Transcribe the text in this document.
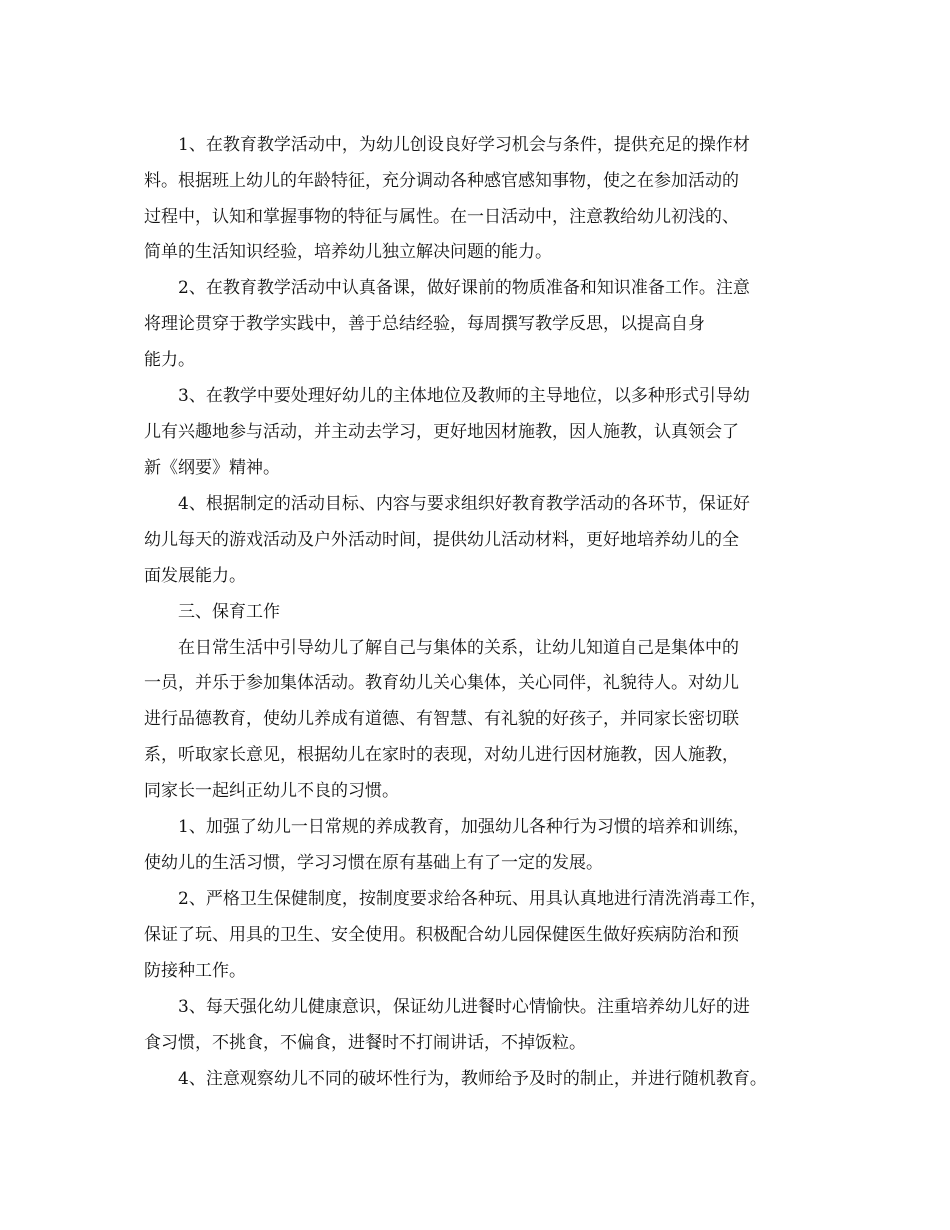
1、在教育教学活动中，为幼儿创设良好学习机会与条件，提供充足的操作材

料。根据班上幼儿的年龄特征，充分调动各种感官感知事物，使之在参加活动的

过程中，认知和掌握事物的特征与属性。在一日活动中，注意教给幼儿初浅的、

简单的生活知识经验，培养幼儿独立解决问题的能力。

2、在教育教学活动中认真备课，做好课前的物质准备和知识准备工作。注意

将理论贯穿于教学实践中，善于总结经验，每周撰写教学反思，以提高自身

能力。

3、在教学中要处理好幼儿的主体地位及教师的主导地位，以多种形式引导幼

儿有兴趣地参与活动，并主动去学习，更好地因材施教，因人施教，认真领会了

新《纲要》精神。

4、根据制定的活动目标、内容与要求组织好教育教学活动的各环节，保证好

幼儿每天的游戏活动及户外活动时间，提供幼儿活动材料，更好地培养幼儿的全

面发展能力。

三、保育工作

在日常生活中引导幼儿了解自己与集体的关系，让幼儿知道自己是集体中的

一员，并乐于参加集体活动。教育幼儿关心集体，关心同伴，礼貌待人。对幼儿

进行品德教育，使幼儿养成有道德、有智慧、有礼貌的好孩子，并同家长密切联

系，听取家长意见，根据幼儿在家时的表现，对幼儿进行因材施教，因人施教，

同家长一起纠正幼儿不良的习惯。

1、加强了幼儿一日常规的养成教育，加强幼儿各种行为习惯的培养和训练，

使幼儿的生活习惯，学习习惯在原有基础上有了一定的发展。

2、严格卫生保健制度，按制度要求给各种玩、用具认真地进行清洗消毒工作，

保证了玩、用具的卫生、安全使用。积极配合幼儿园保健医生做好疾病防治和预

防接种工作。

3、每天强化幼儿健康意识，保证幼儿进餐时心情愉快。注重培养幼儿好的进

食习惯，不挑食，不偏食，进餐时不打闹讲话，不掉饭粒。

4、注意观察幼儿不同的破坏性行为，教师给予及时的制止，并进行随机教育。
